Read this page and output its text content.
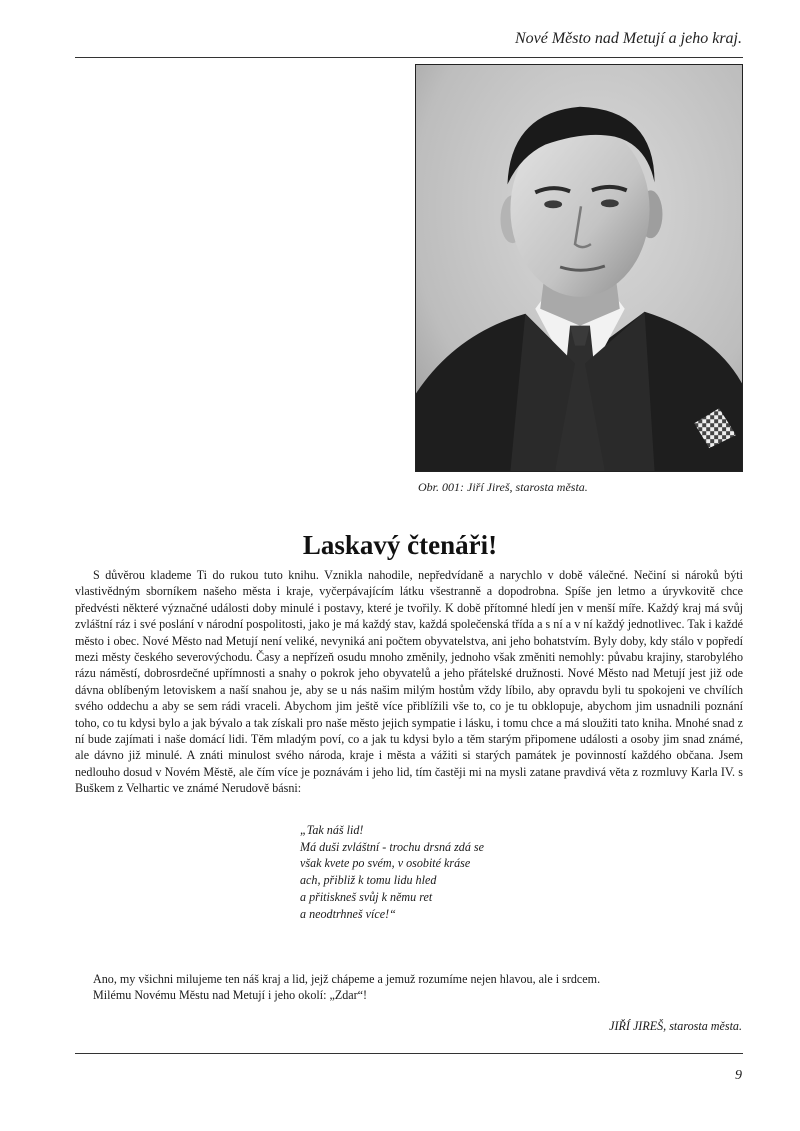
Nové Město nad Metují a jeho kraj.
Obr. 001: Jiří Jireš, starosta města.
Laskavý čtenáři!

S důvěrou klademe Ti do rukou tuto knihu. Vznikla nahodile, nepředvídaně a narychlo v době válečné. Nečiní si nároků býti vlastivědným sborníkem našeho města i kraje, vyčerpávajícím látku všestranně a dopodrobna. Spíše jen letmo a úryvkovitě chce předvésti některé význačné události doby minulé i postavy, které je tvořily. K době přítomné hledí jen v menší míře. Každý kraj má svůj zvláštní ráz i své poslání v národní pospolitosti, jako je má každý stav, každá společenská třída a s ní a v ní každý jednotlivec. Tak i každé město i obec. Nové Město nad Metují není veliké, nevyniká ani počtem obyvatelstva, ani jeho bohatstvím. Byly doby, kdy stálo v popředí mezi městy českého severovýchodu. Časy a nepřízeň osudu mnoho změnily, jednoho však změniti nemohly: půvabu krajiny, starobylého rázu náměstí, dobrosrdečné upřímnosti a snahy o pokrok jeho obyvatelů a jeho přátelské družnosti. Nové Město nad Metují jest již ode dávna oblíbeným letoviskem a naší snahou je, aby se u nás našim milým hostům vždy líbilo, aby opravdu byli tu spokojeni ve chvílích svého oddechu a aby se sem rádi vraceli. Abychom jim ještě více přiblížili vše to, co je tu obklopuje, abychom jim usnadnili poznání toho, co tu kdysi bylo a jak bývalo a tak získali pro naše město jejich sympatie i lásku, i tomu chce a má sloužiti tato kniha. Mnohé snad z ní bude zajímati i naše domácí lidi. Těm mladým poví, co a jak tu kdysi bylo a těm starým připomene události a osoby jim snad známé, ale dávno již minulé. A znáti minulost svého národa, kraje i města a vážiti si starých památek je povinností každého občana. Jsem nedlouho dosud v Novém Městě, ale čím více je poznávám i jeho lid, tím častěji mi na mysli zatane pravdivá věta z rozmluvy Karla IV. s Buškem z Velhartic ve známé Nerudově básni:

„Tak náš lid!
Má duši zvláštní - trochu drsná zdá se
však kvete po svém, v osobité kráse
ach, přibliž k tomu lidu hled
a přitiskneš svůj k němu ret
a neodtrhneš více!“
Ano, my všichni milujeme ten náš kraj a lid, jejž chápeme a jemuž rozumíme nejen hlavou, ale i srdcem.
Milému Novému Městu nad Metují i jeho okolí: „Zdar“!
JIŘÍ JIREŠ, starosta města.
9
